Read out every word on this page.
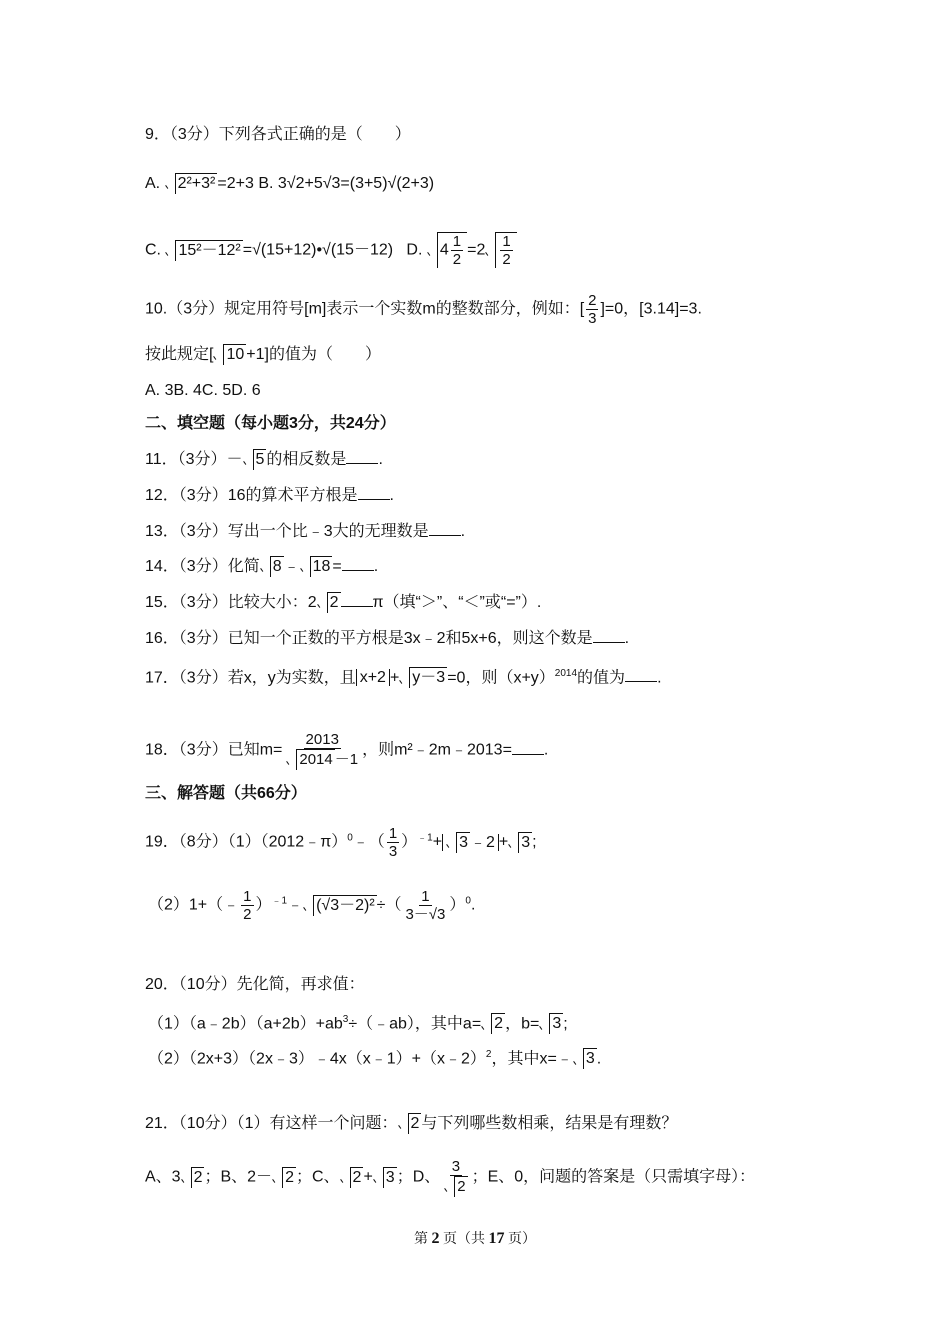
9．（3分）下列各式正确的是（　　）
A. 2²+3² =2+3 B. 3√2+5√3=(3+5)√(2+3)
C. 15²－12² =√(15+12)•√(15－12) D. $4 \frac{1}{2} =2 \frac{1}{2}$
10.（3分）规定用符号[m]表示一个实数m的整数部分，例如：[ $\frac{2}{3} ]=0$，[3.14]=3.
按此规定[ 10 +1]的值为（　　）
A. 3B. 4C. 5D. 6
二、填空题（每小题3分，共24分）
11．（3分）－ 5 的相反数是 .
12．（3分）16的算术平方根是 .
13．（3分）写出一个比﹣3大的无理数是 .
14．（3分）化简 8 ﹣ 18 = .
15．（3分）比较大小：2 2 π（填“＞”、“＜”或“=”）.
16．（3分）已知一个正数的平方根是3x﹣2和5x+6，则这个数是 .
17．（3分）若x，y为实数，且 x+2 + y－3 =0，则$(x+y)^{2014}$的值为 .
18．（3分）已知$m= \frac{2013}{2014 -1}$ ，则m²﹣2m﹣2013= .
三、解答题（共66分）
19．（8分）（1）（2012﹣π）$^0$﹣（ $\frac{1}{3} )^{﹣1}+ 3$ ﹣2 + 3 ;
（2）1+（﹣ $\frac{1}{2}$ ）$^{﹣1}$﹣ (√3－2)² ÷（ $\frac{1}{3-√3} )^0$.
20．（10分）先化简，再求值：
$(1)(a﹣2b)(a+2b)+ab^3\div(﹣ab)$，其中a= 2 ，b= 3 ;
（2）（2x+3）（2x﹣3）﹣4x（x﹣1）+（x﹣2）$^2$，其中x=﹣ 3 .
21．（10分）（1）有这样一个问题： 2 与下列哪些数相乘，结果是有理数？
A、3 2 ；B、2－ 2 ；C、 2 + 3 ；D、 $\frac{3}{2}$ ；E、0，问题的答案是（只需填字母）：
第 2 页（共 17 页）
